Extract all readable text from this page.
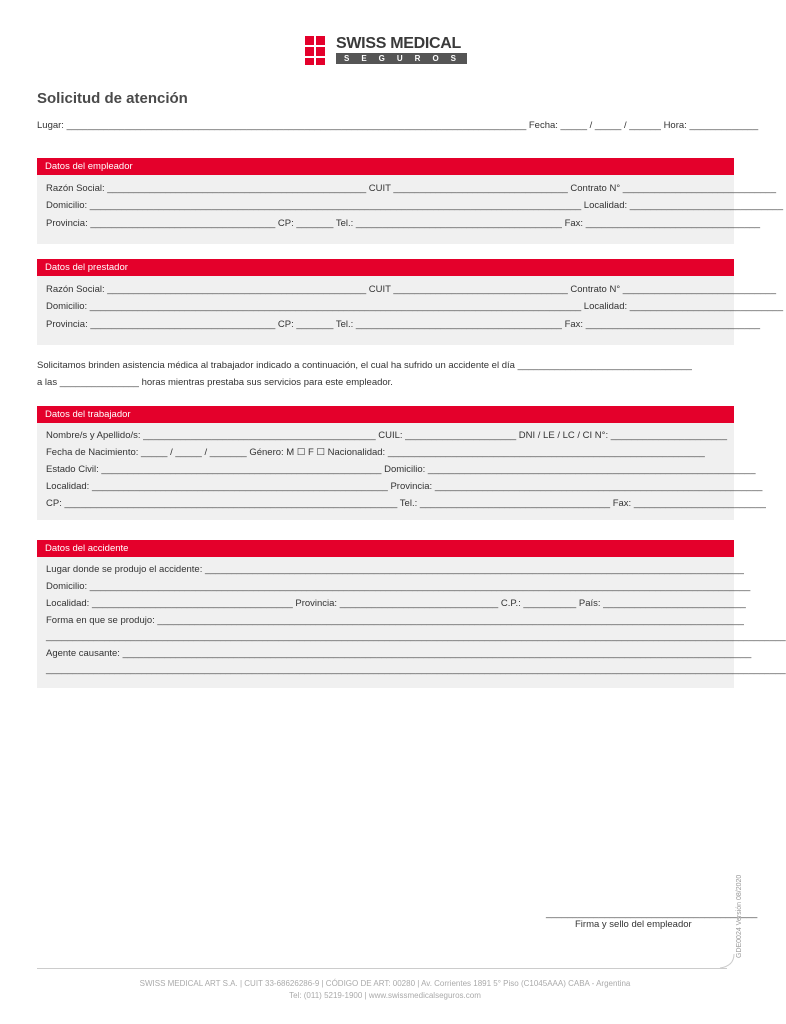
SWISS MEDICAL
SEGUROS
Solicitud de atención
Lugar: _______________________________________________________________________________________ Fecha: _____ / _____ / ______ Hora: _____________
Datos del empleador
Razón Social: _________________________________________________ CUIT _________________________________ Contrato N° _____________________________
Domicilio: _____________________________________________________________________________________________ Localidad: _____________________________
Provincia: ___________________________________ CP: _______ Tel.: _______________________________________ Fax: _________________________________
Datos del prestador
Razón Social: _________________________________________________ CUIT _________________________________ Contrato N° _____________________________
Domicilio: _____________________________________________________________________________________________ Localidad: _____________________________
Provincia: ___________________________________ CP: _______ Tel.: _______________________________________ Fax: _________________________________
Solicitamos brinden asistencia médica al trabajador indicado a continuación, el cual ha sufrido un accidente el día _________________________________
a las _______________ horas mientras prestaba sus servicios para este empleador.
Datos del trabajador
Nombre/s y Apellido/s: ____________________________________________ CUIL: _____________________ DNI / LE / LC / CI N°: ______________________
Fecha de Nacimiento: _____ / _____ / _______ Género: M ☐ F ☐ Nacionalidad: ____________________________________________________________
Estado Civil: _____________________________________________________ Domicilio: ______________________________________________________________
Localidad: ________________________________________________________ Provincia: ______________________________________________________________
CP: _______________________________________________________________ Tel.: ____________________________________ Fax: _________________________
Datos del accidente
Lugar donde se produjo el accidente: ______________________________________________________________________________________________________
Domicilio: _____________________________________________________________________________________________________________________________
Localidad: ______________________________________ Provincia: ______________________________ C.P.: __________ País: ___________________________
Forma en que se produjo: _______________________________________________________________________________________________________________
____________________________________________________________________________________________________________________________________________
Agente causante: _______________________________________________________________________________________________________________________
____________________________________________________________________________________________________________________________________________
________________________________________
Firma y sello del empleador	GDE0024 Versión 08/2020
SWISS MEDICAL ART S.A. | CUIT 33-68626286-9 | CÓDIGO DE ART: 00280 | Av. Corrientes 1891 5° Piso (C1045AAA) CABA - Argentina
Tel: (011) 5219-1900 | www.swissmedicalseguros.com
